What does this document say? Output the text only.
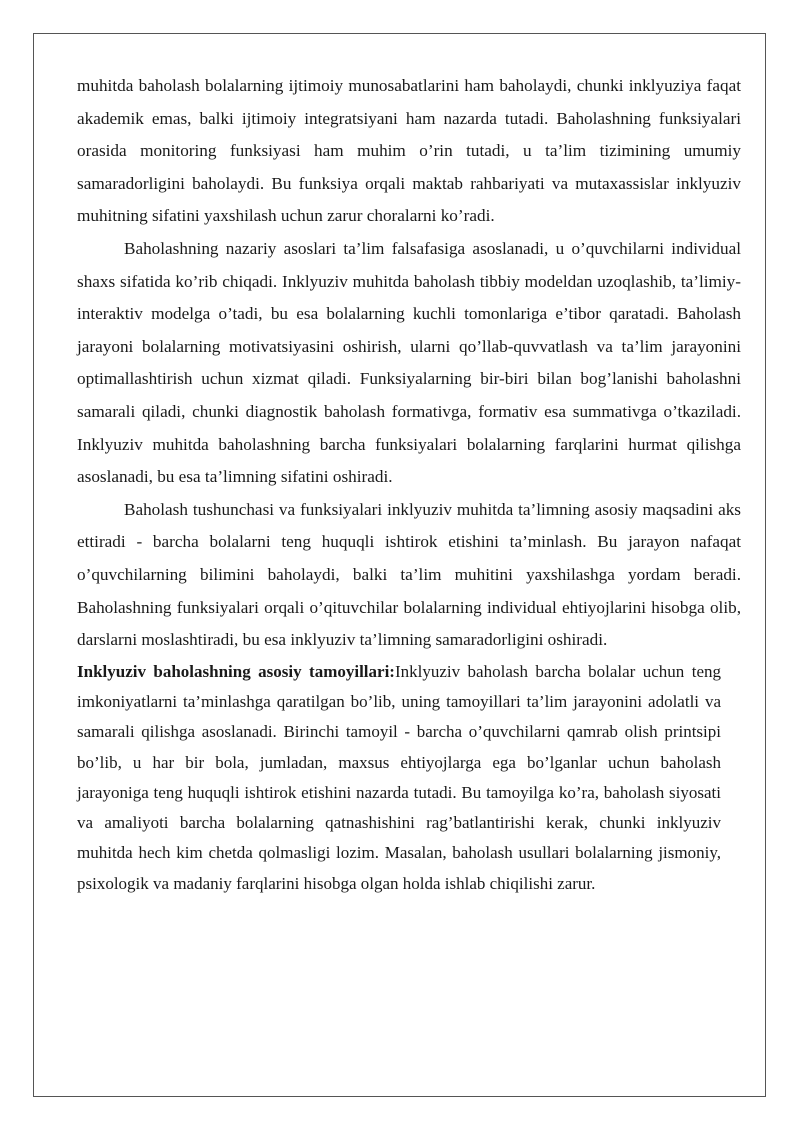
muhitda baholash bolalarning ijtimoiy munosabatlarini ham baholaydi, chunki inklyuziya faqat akademik emas, balki ijtimoiy integratsiyani ham nazarda tutadi. Baholashning funksiyalari orasida monitoring funksiyasi ham muhim o’rin tutadi, u ta’lim tizimining umumiy samaradorligini baholaydi. Bu funksiya orqali maktab rahbariyati va mutaxassislar inklyuziv muhitning sifatini yaxshilash uchun zarur choralarni ko’radi.

Baholashning nazariy asoslari ta’lim falsafasiga asoslanadi, u o’quvchilarni individual shaxs sifatida ko’rib chiqadi. Inklyuziv muhitda baholash tibbiy modeldan uzoqlashib, ta’limiy-interaktiv modelga o’tadi, bu esa bolalarning kuchli tomonlariga e’tibor qaratadi. Baholash jarayoni bolalarning motivatsiyasini oshirish, ularni qo’llab-quvvatlash va ta’lim jarayonini optimallashtirish uchun xizmat qiladi. Funksiyalarning bir-biri bilan bog’lanishi baholashni samarali qiladi, chunki diagnostik baholash formativga, formativ esa summativga o’tkaziladi. Inklyuziv muhitda baholashning barcha funksiyalari bolalarning farqlarini hurmat qilishga asoslanadi, bu esa ta’limning sifatini oshiradi.

Baholash tushunchasi va funksiyalari inklyuziv muhitda ta’limning asosiy maqsadini aks ettiradi - barcha bolalarni teng huquqli ishtirok etishini ta’minlash. Bu jarayon nafaqat o’quvchilarning bilimini baholaydi, balki ta’lim muhitini yaxshilashga yordam beradi. Baholashning funksiyalari orqali o’qituvchilar bolalarning individual ehtiyojlarini hisobga olib, darslarni moslashtiradi, bu esa inklyuziv ta’limning samaradorligini oshiradi.

Inklyuziv baholashning asosiy tamoyillari:Inklyuziv baholash barcha bolalar uchun teng imkoniyatlarni ta’minlashga qaratilgan bo’lib, uning tamoyillari ta’lim jarayonini adolatli va samarali qilishga asoslanadi. Birinchi tamoyil - barcha o’quvchilarni qamrab olish printsipi bo’lib, u har bir bola, jumladan, maxsus ehtiyojlarga ega bo’lganlar uchun baholash jarayoniga teng huquqli ishtirok etishini nazarda tutadi. Bu tamoyilga ko’ra, baholash siyosati va amaliyoti barcha bolalarning qatnashishini rag’batlantirishi kerak, chunki inklyuziv muhitda hech kim chetda qolmasligi lozim. Masalan, baholash usullari bolalarning jismoniy, psixologik va madaniy farqlarini hisobga olgan holda ishlab chiqilishi zarur.
